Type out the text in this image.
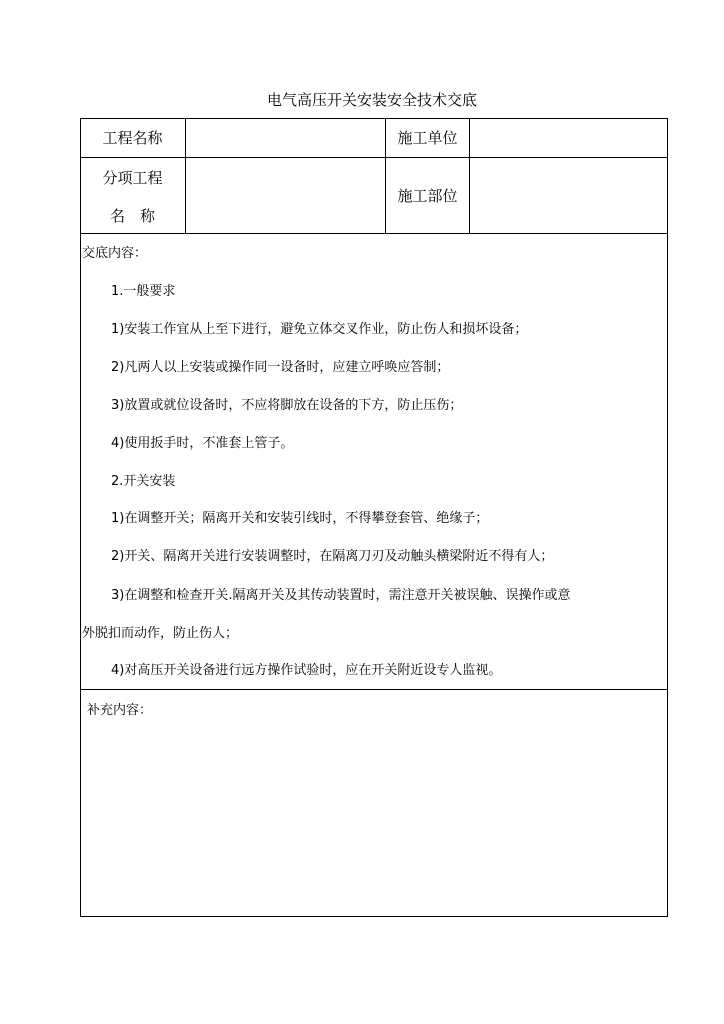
电气高压开关安装安全技术交底
工程名称	施工单位
分项工程
名　称
施工部位
交底内容：
1.一般要求
1)安装工作宜从上至下进行，避免立体交叉作业，防止伤人和损坏设备；
2)凡两人以上安装或操作同一设备时，应建立呼唤应答制；
3)放置或就位设备时，不应将脚放在设备的下方，防止压伤；
4)使用扳手时，不准套上管子。
2.开关安装
1)在调整开关；隔离开关和安装引线时，不得攀登套管、绝缘子；
2)开关、隔离开关进行安装调整时，在隔离刀刃及动触头横梁附近不得有人；
3)在调整和检查开关.隔离开关及其传动装置时，需注意开关被误触、误操作或意
外脱扣而动作，防止伤人；
4)对高压开关设备进行远方操作试验时，应在开关附近设专人监视。
补充内容：
